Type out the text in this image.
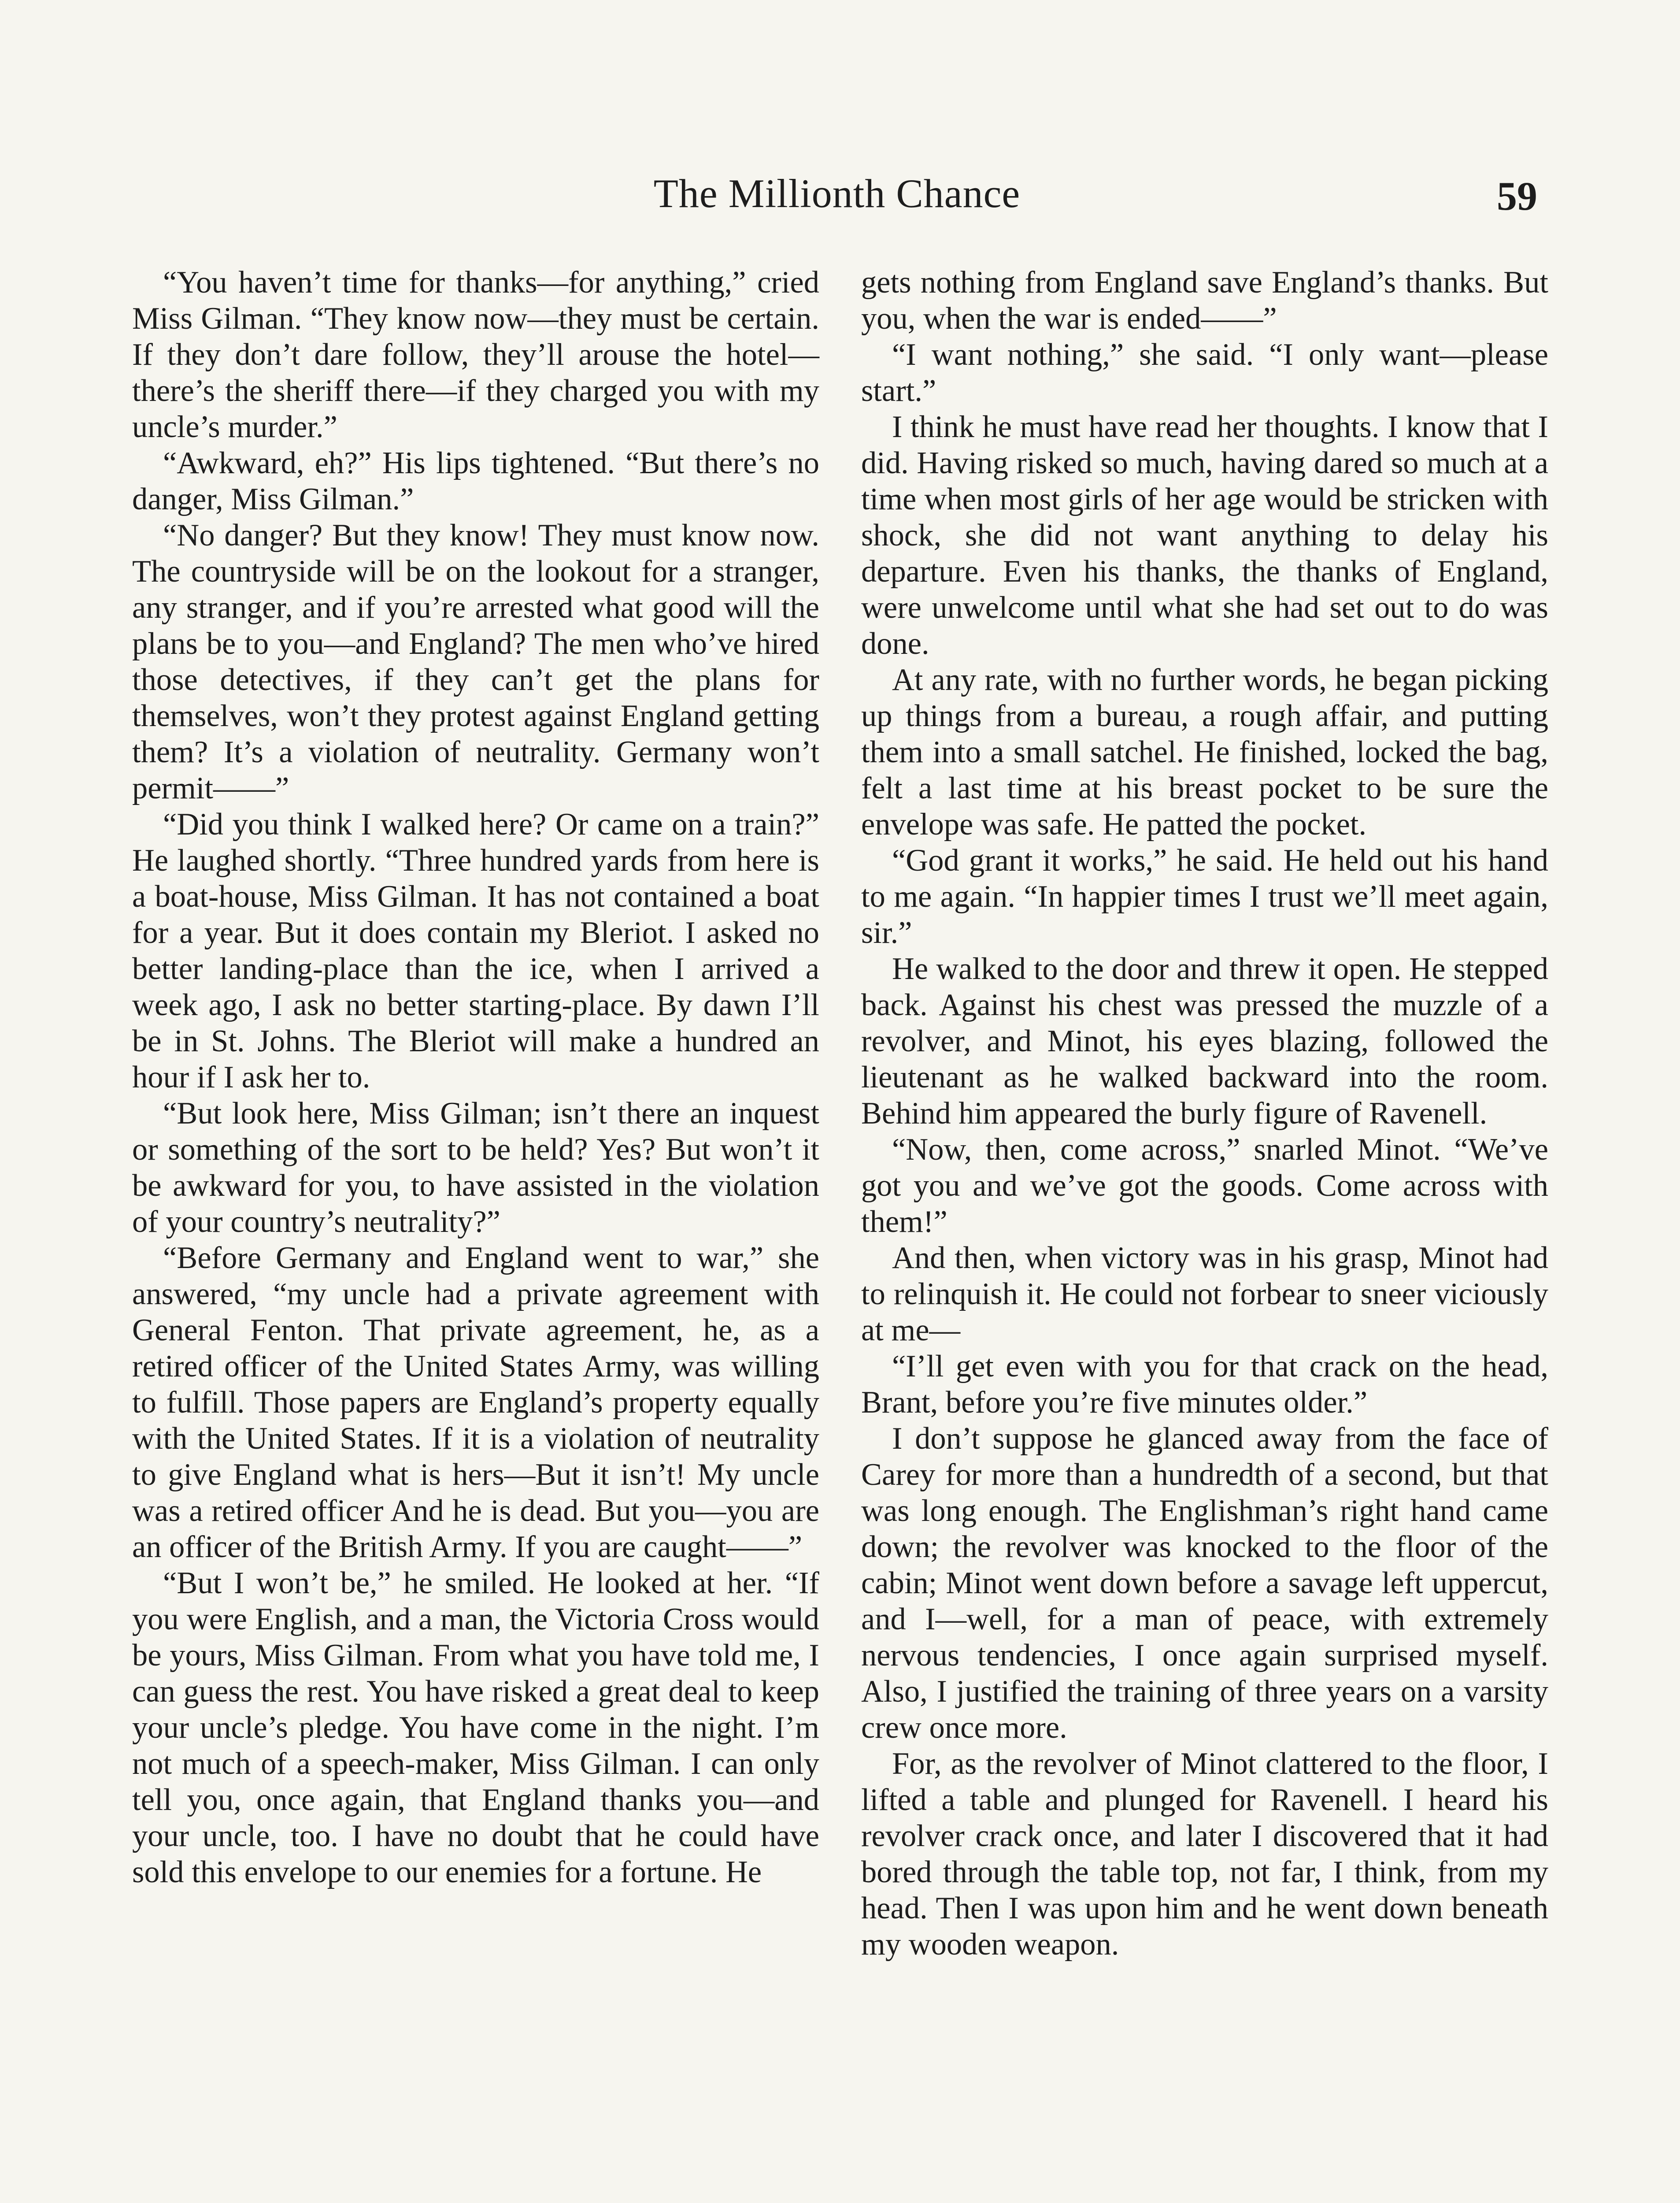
The Millionth Chance	59

“You haven’t time for thanks—for anything,” cried Miss Gilman. “They know now—they must be certain. If they don’t dare follow, they’ll arouse the hotel—there’s the sheriff there—if they charged you with my uncle’s murder.”

“Awkward, eh?” His lips tightened. “But there’s no danger, Miss Gilman.”

“No danger? But they know! They must know now. The countryside will be on the lookout for a stranger, any stranger, and if you’re arrested what good will the plans be to you—and England? The men who’ve hired those detectives, if they can’t get the plans for themselves, won’t they protest against England getting them? It’s a violation of neutrality. Germany won’t permit——”

“Did you think I walked here? Or came on a train?” He laughed shortly. “Three hundred yards from here is a boat-house, Miss Gilman. It has not contained a boat for a year. But it does contain my Bleriot. I asked no better landing-place than the ice, when I arrived a week ago, I ask no better starting-place. By dawn I’ll be in St. Johns. The Bleriot will make a hundred an hour if I ask her to.

“But look here, Miss Gilman; isn’t there an inquest or something of the sort to be held? Yes? But won’t it be awkward for you, to have assisted in the violation of your country’s neutrality?”

“Before Germany and England went to war,” she answered, “my uncle had a private agreement with General Fenton. That private agreement, he, as a retired officer of the United States Army, was willing to fulfill. Those papers are England’s property equally with the United States. If it is a violation of neutrality to give England what is hers—But it isn’t! My uncle was a retired officer And he is dead. But you—you are an officer of the British Army. If you are caught——”

“But I won’t be,” he smiled. He looked at her. “If you were English, and a man, the Victoria Cross would be yours, Miss Gilman. From what you have told me, I can guess the rest. You have risked a great deal to keep your uncle’s pledge. You have come in the night. I’m not much of a speech-maker, Miss Gilman. I can only tell you, once again, that England thanks you—and your uncle, too. I have no doubt that he could have sold this envelope to our enemies for a fortune. He

gets nothing from England save England’s thanks. But you, when the war is ended——”

“I want nothing,” she said. “I only want—please start.”

I think he must have read her thoughts. I know that I did. Having risked so much, having dared so much at a time when most girls of her age would be stricken with shock, she did not want anything to delay his departure. Even his thanks, the thanks of England, were unwelcome until what she had set out to do was done.

At any rate, with no further words, he began picking up things from a bureau, a rough affair, and putting them into a small satchel. He finished, locked the bag, felt a last time at his breast pocket to be sure the envelope was safe. He patted the pocket.

“God grant it works,” he said. He held out his hand to me again. “In happier times I trust we’ll meet again, sir.”

He walked to the door and threw it open. He stepped back. Against his chest was pressed the muzzle of a revolver, and Minot, his eyes blazing, followed the lieutenant as he walked backward into the room. Behind him appeared the burly figure of Ravenell.

“Now, then, come across,” snarled Minot. “We’ve got you and we’ve got the goods. Come across with them!”

And then, when victory was in his grasp, Minot had to relinquish it. He could not forbear to sneer viciously at me—

“I’ll get even with you for that crack on the head, Brant, before you’re five minutes older.”

I don’t suppose he glanced away from the face of Carey for more than a hundredth of a second, but that was long enough. The Englishman’s right hand came down; the revolver was knocked to the floor of the cabin; Minot went down before a savage left uppercut, and I—well, for a man of peace, with extremely nervous tendencies, I once again surprised myself. Also, I justified the training of three years on a varsity crew once more.

For, as the revolver of Minot clattered to the floor, I lifted a table and plunged for Ravenell. I heard his revolver crack once, and later I discovered that it had bored through the table top, not far, I think, from my head. Then I was upon him and he went down beneath my wooden weapon.
